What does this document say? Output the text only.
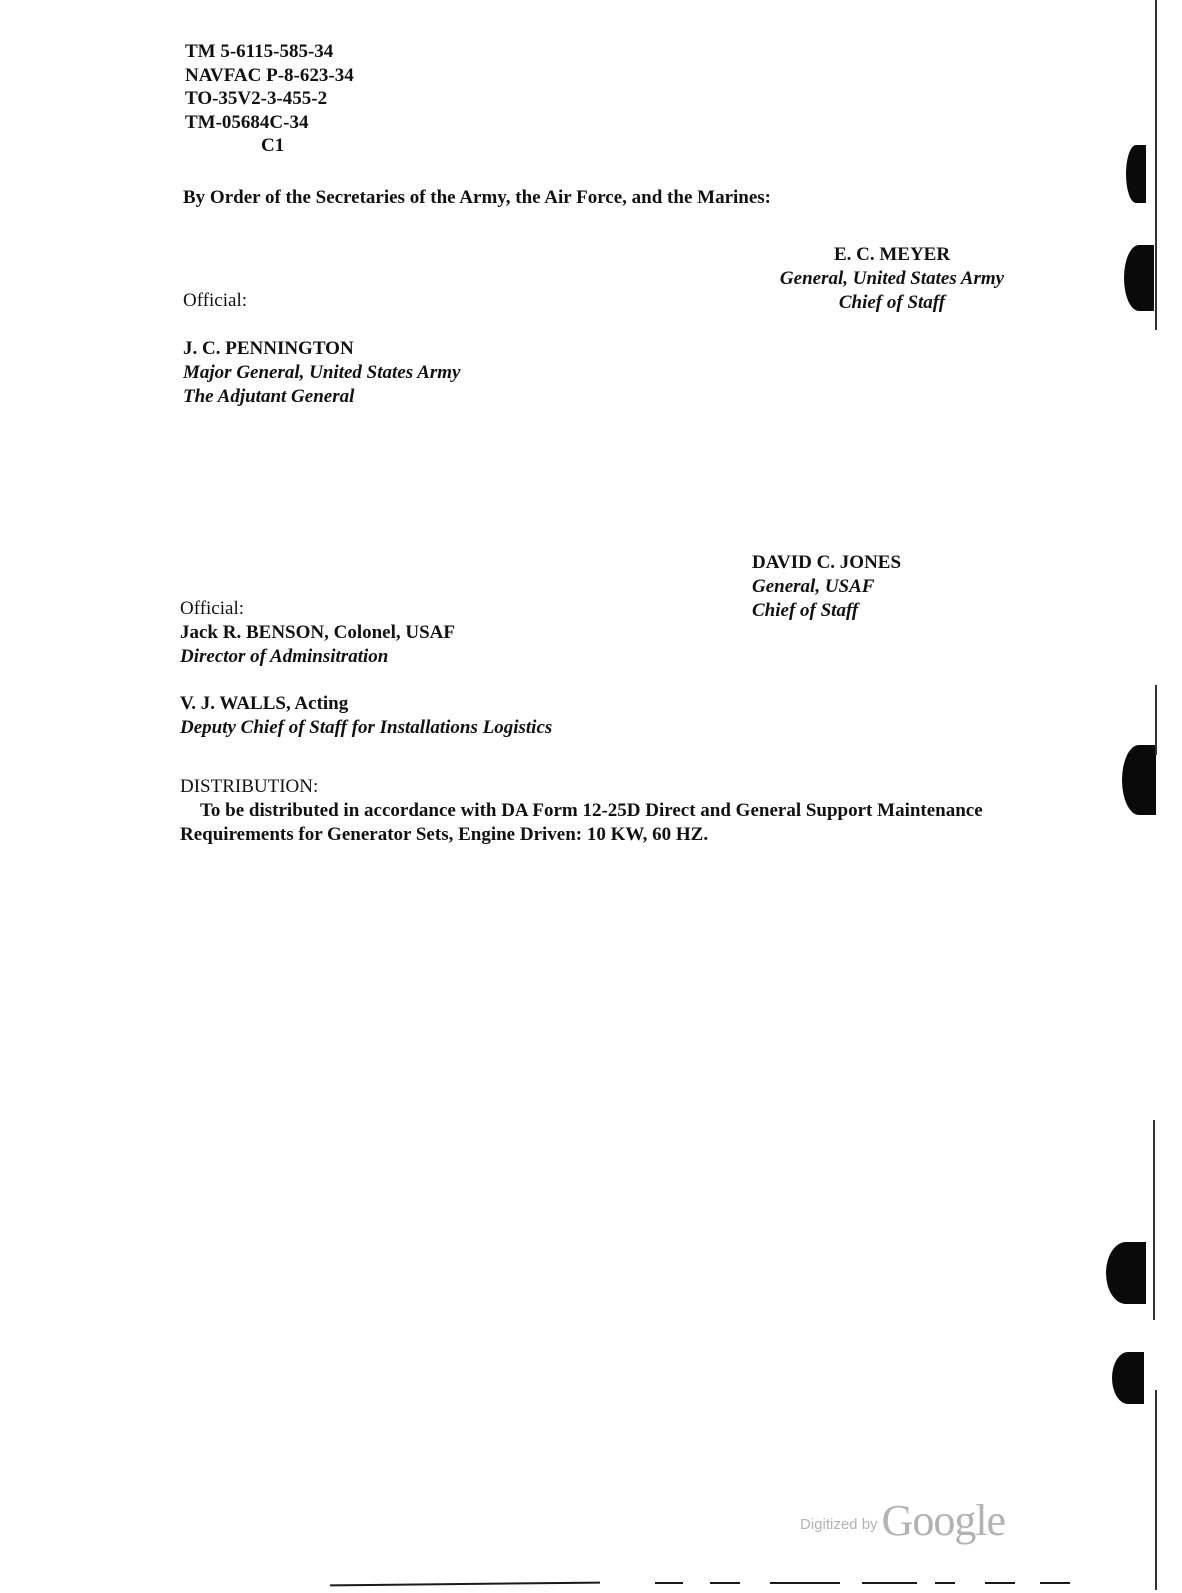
TM 5-6115-585-34
NAVFAC P-8-623-34
TO-35V2-3-455-2
TM-05684C-34
C1
By Order of the Secretaries of the Army, the Air Force, and the Marines:
E. C. MEYER
General, United States Army
Chief of Staff
Official:
J. C. PENNINGTON
Major General, United States Army
The Adjutant General
DAVID C. JONES
General, USAF
Chief of Staff
Official:
Jack R. BENSON, Colonel, USAF
Director of Adminsitration
V. J. WALLS, Acting
Deputy Chief of Staff for Installations Logistics
DISTRIBUTION:
To be distributed in accordance with DA Form 12-25D Direct and General Support Maintenance
Requirements for Generator Sets, Engine Driven: 10 KW, 60 HZ.
Digitized by Google
